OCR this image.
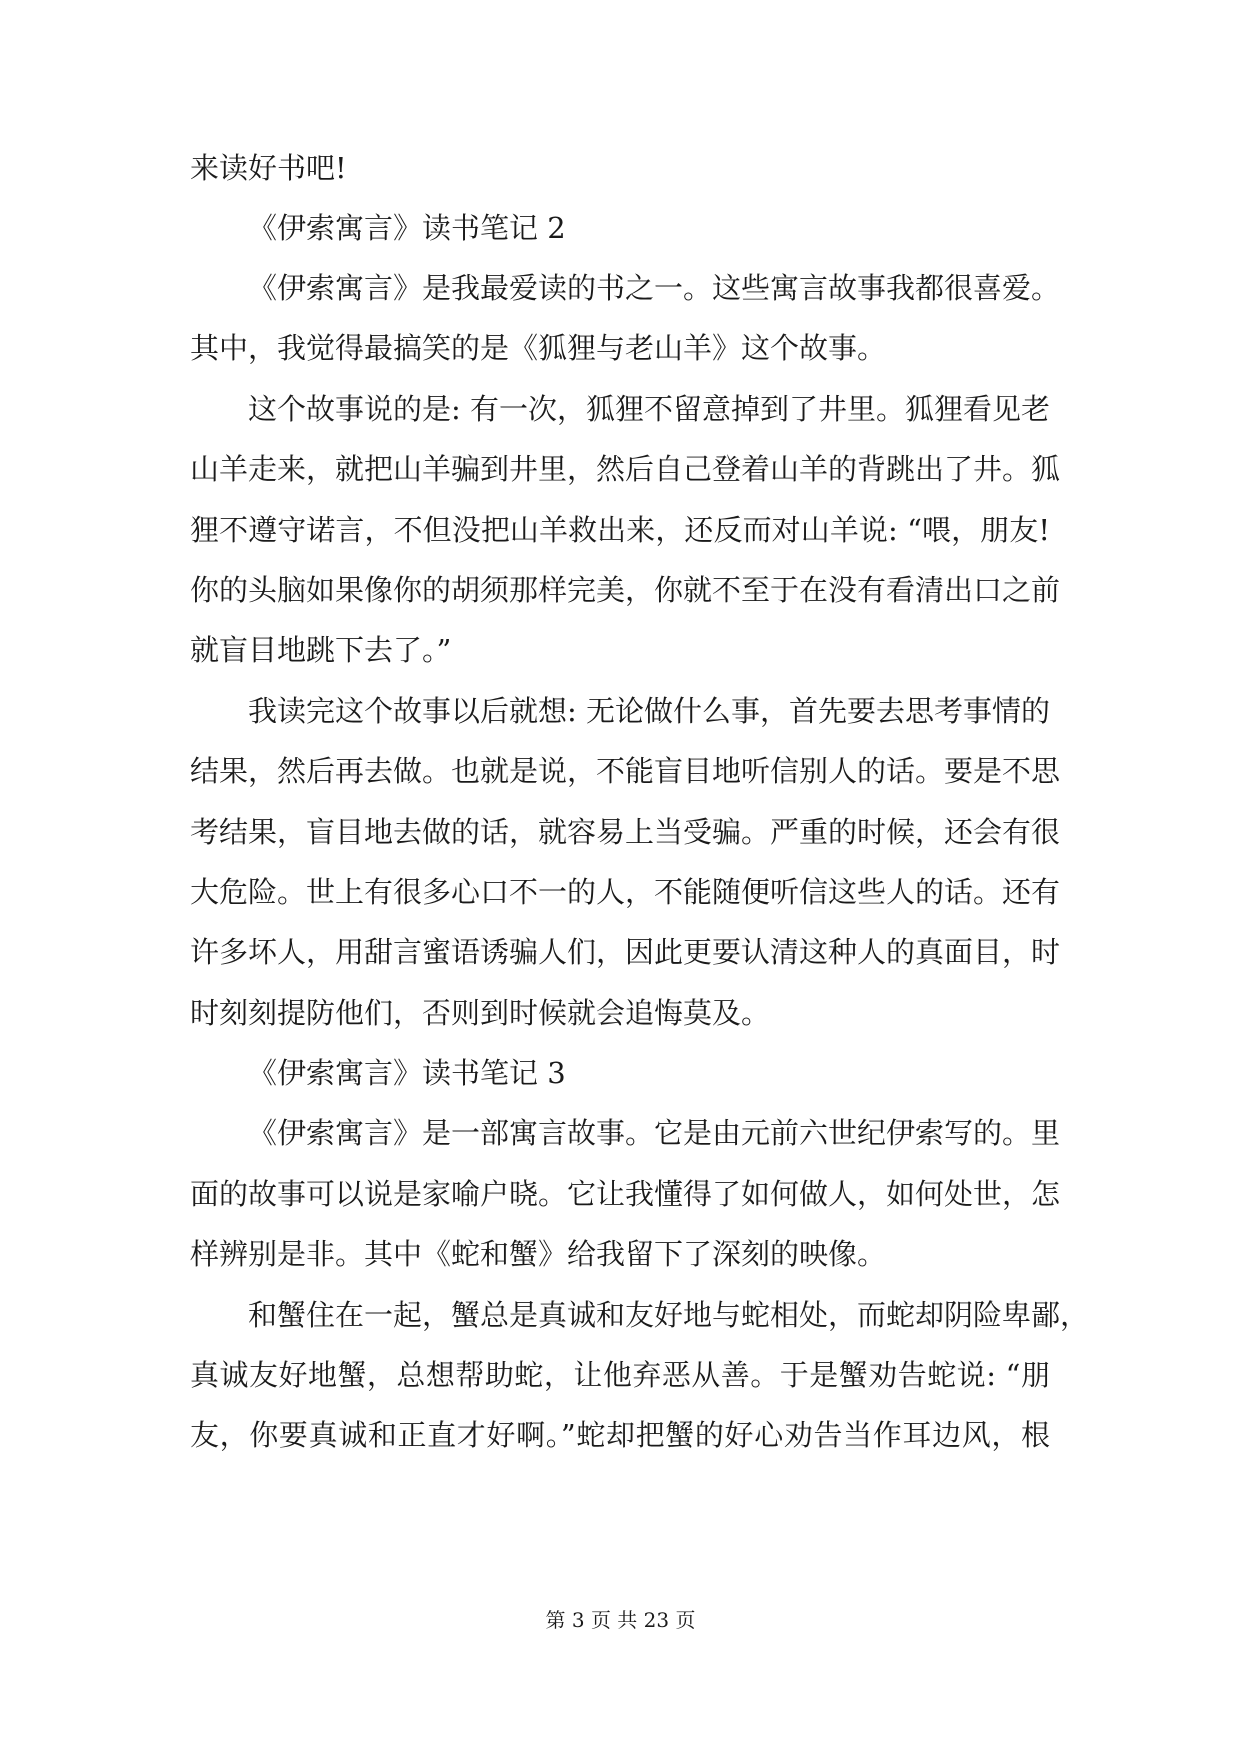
来读好书吧!
《伊索寓言》读书笔记 2
《伊索寓言》是我最爱读的书之一。这些寓言故事我都很喜爱。
其中，我觉得最搞笑的是《狐狸与老山羊》这个故事。
这个故事说的是: 有一次，狐狸不留意掉到了井里。狐狸看见老
山羊走来，就把山羊骗到井里，然后自己登着山羊的背跳出了井。狐
狸不遵守诺言，不但没把山羊救出来，还反而对山羊说: “喂，朋友!
你的头脑如果像你的胡须那样完美，你就不至于在没有看清出口之前
就盲目地跳下去了。”
我读完这个故事以后就想: 无论做什么事，首先要去思考事情的
结果，然后再去做。也就是说，不能盲目地听信别人的话。要是不思
考结果，盲目地去做的话，就容易上当受骗。严重的时候，还会有很
大危险。世上有很多心口不一的人，不能随便听信这些人的话。还有
许多坏人，用甜言蜜语诱骗人们，因此更要认清这种人的真面目，时
时刻刻提防他们，否则到时候就会追悔莫及。
《伊索寓言》读书笔记 3
《伊索寓言》是一部寓言故事。它是由元前六世纪伊索写的。里
面的故事可以说是家喻户晓。它让我懂得了如何做人，如何处世，怎
样辨别是非。其中《蛇和蟹》给我留下了深刻的映像。
和蟹住在一起，蟹总是真诚和友好地与蛇相处，而蛇却阴险卑鄙，
真诚友好地蟹，总想帮助蛇，让他弃恶从善。于是蟹劝告蛇说: “朋
友，你要真诚和正直才好啊。”蛇却把蟹的好心劝告当作耳边风，根
第 3 页 共 23 页
